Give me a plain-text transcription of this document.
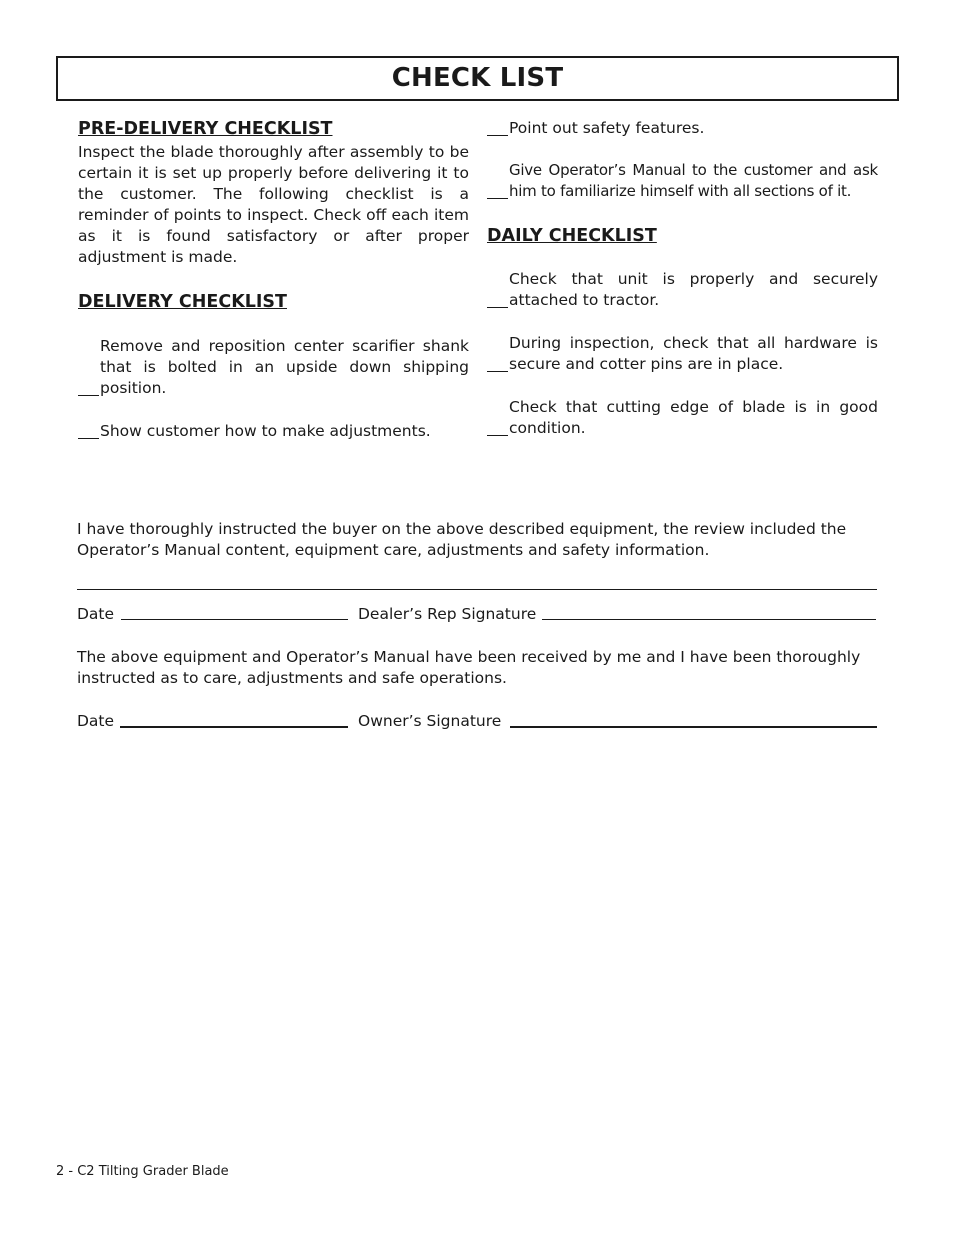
CHECK LIST
PRE-DELIVERY CHECKLIST

Inspect the blade thoroughly after assembly to be certain it is set up properly before delivering it to the customer. The following checklist is a reminder of points to inspect. Check off each item as it is found satisfactory or after proper adjustment is made.

DELIVERY CHECKLIST
Remove and reposition center scarifier shank that is bolted in an upside down shipping position.
Show customer how to make adjustments.
Point out safety features.
Give Operator’s Manual to the customer and ask him to familiarize himself with all sections of it.
DAILY CHECKLIST
Check that unit is properly and securely attached to tractor.
During inspection, check that all hardware is secure and cotter pins are in place.
Check that cutting edge of blade is in good condition.

I have thoroughly instructed the buyer on the above described equipment, the review included the Operator’s Manual content, equipment care, adjustments and safety information.

Date	Dealer’s Rep Signature

The above equipment and Operator’s Manual have been received by me and I have been thoroughly instructed as to care, adjustments and safe operations.

Date	Owner’s Signature
2 - C2 Tilting Grader Blade
